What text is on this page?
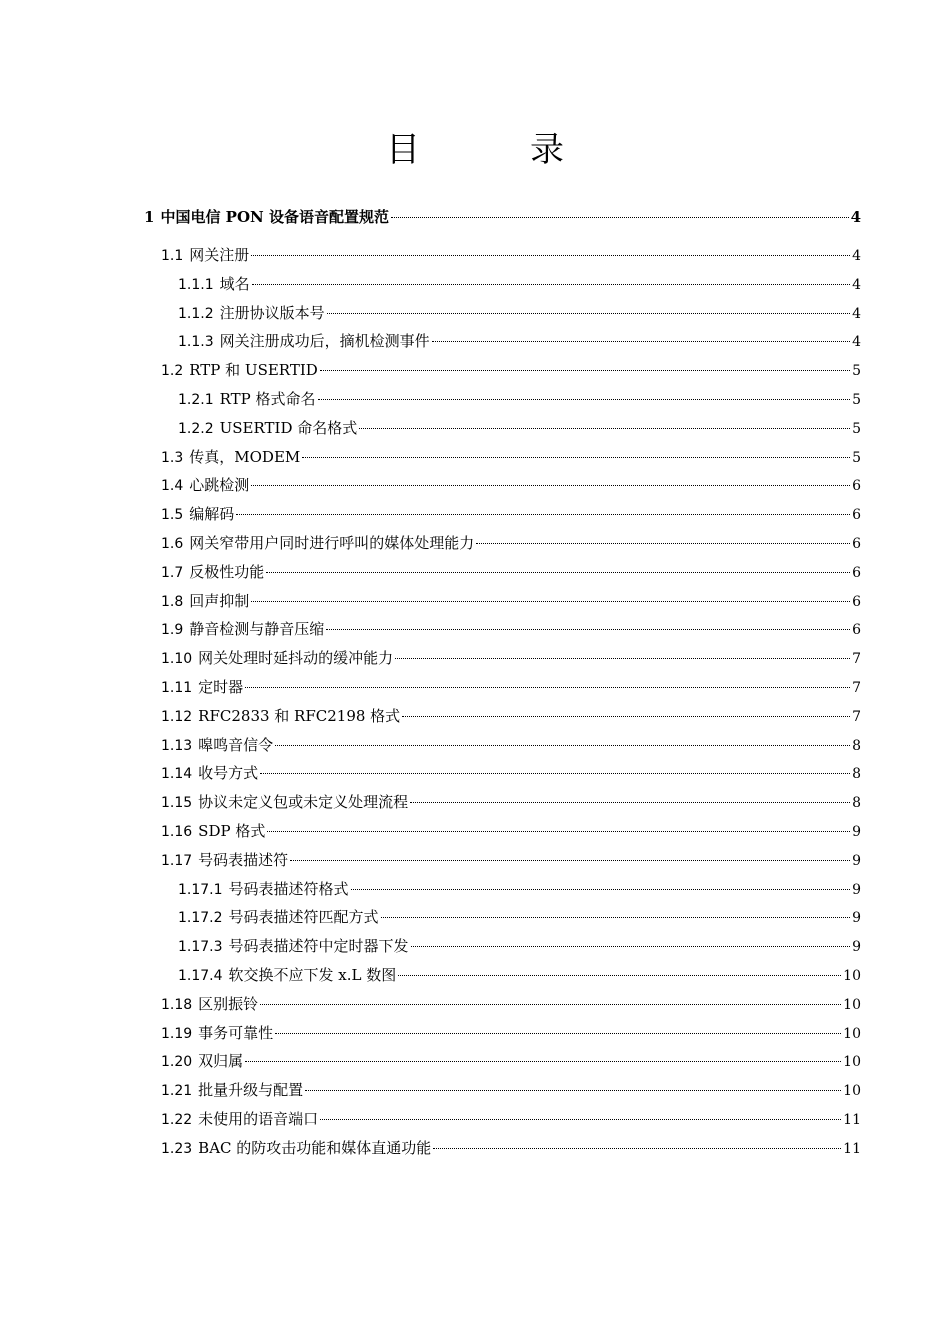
目　录
1 中国电信 PON 设备语音配置规范	4
1.1 网关注册	4
1.1.1 域名	4
1.1.2 注册协议版本号	4
1.1.3 网关注册成功后，摘机检测事件	4
1.2 RTP 和 USERTID	5
1.2.1 RTP 格式命名	5
1.2.2 USERTID 命名格式	5
1.3 传真，MODEM	5
1.4 心跳检测	6
1.5 编解码	6
1.6 网关窄带用户同时进行呼叫的媒体处理能力	6
1.7 反极性功能	6
1.8 回声抑制	6
1.9 静音检测与静音压缩	6
1.10 网关处理时延抖动的缓冲能力	7
1.11 定时器	7
1.12 RFC2833 和 RFC2198 格式	7
1.13 嗥鸣音信令	8
1.14 收号方式	8
1.15 协议未定义包或未定义处理流程	8
1.16 SDP 格式	9
1.17 号码表描述符	9
1.17.1 号码表描述符格式	9
1.17.2 号码表描述符匹配方式	9
1.17.3 号码表描述符中定时器下发	9
1.17.4 软交换不应下发 x.L 数图	10
1.18 区别振铃	10
1.19 事务可靠性	10
1.20 双归属	10
1.21 批量升级与配置	10
1.22 未使用的语音端口	11
1.23 BAC 的防攻击功能和媒体直通功能	11
